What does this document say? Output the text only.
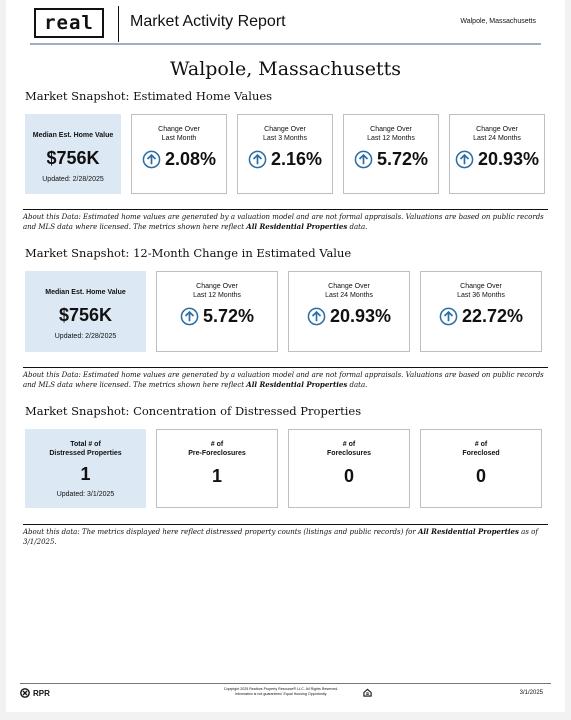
real Market Activity Report	Walpole, Massachusetts
Walpole, Massachusetts
Market Snapshot: Estimated Home Values
Median Est. Home Value
$756K
Updated: 2/28/2025
Change Over
Last Month
2.08%
Change Over
Last 3 Months
2.16%
Change Over
Last 12 Months
5.72%
Change Over
Last 24 Months
20.93%
About this Data: Estimated home values are generated by a valuation model and are not formal appraisals. Valuations are based on public records and MLS data where licensed. The metrics shown here reflect All Residential Properties data.
Market Snapshot: 12-Month Change in Estimated Value
Median Est. Home Value
$756K
Updated: 2/28/2025
Change Over
Last 12 Months
5.72%
Change Over
Last 24 Months
20.93%
Change Over
Last 36 Months
22.72%
About this Data: Estimated home values are generated by a valuation model and are not formal appraisals. Valuations are based on public records and MLS data where licensed. The metrics shown here reflect All Residential Properties data.
Market Snapshot: Concentration of Distressed Properties
Total # of
Distressed Properties
1
Updated: 3/1/2025
# of
Pre-Foreclosures
1
# of
Foreclosures
0
# of
Foreclosed
0
About this data: The metrics displayed here reflect distressed property counts (listings and public records) for All Residential Properties as of 3/1/2025.
RPR	Copyright 2025 Realtors Property Resource® LLC. All Rights Reserved.
Information is not guaranteed. Equal Housing Opportunity.	3/1/2025
